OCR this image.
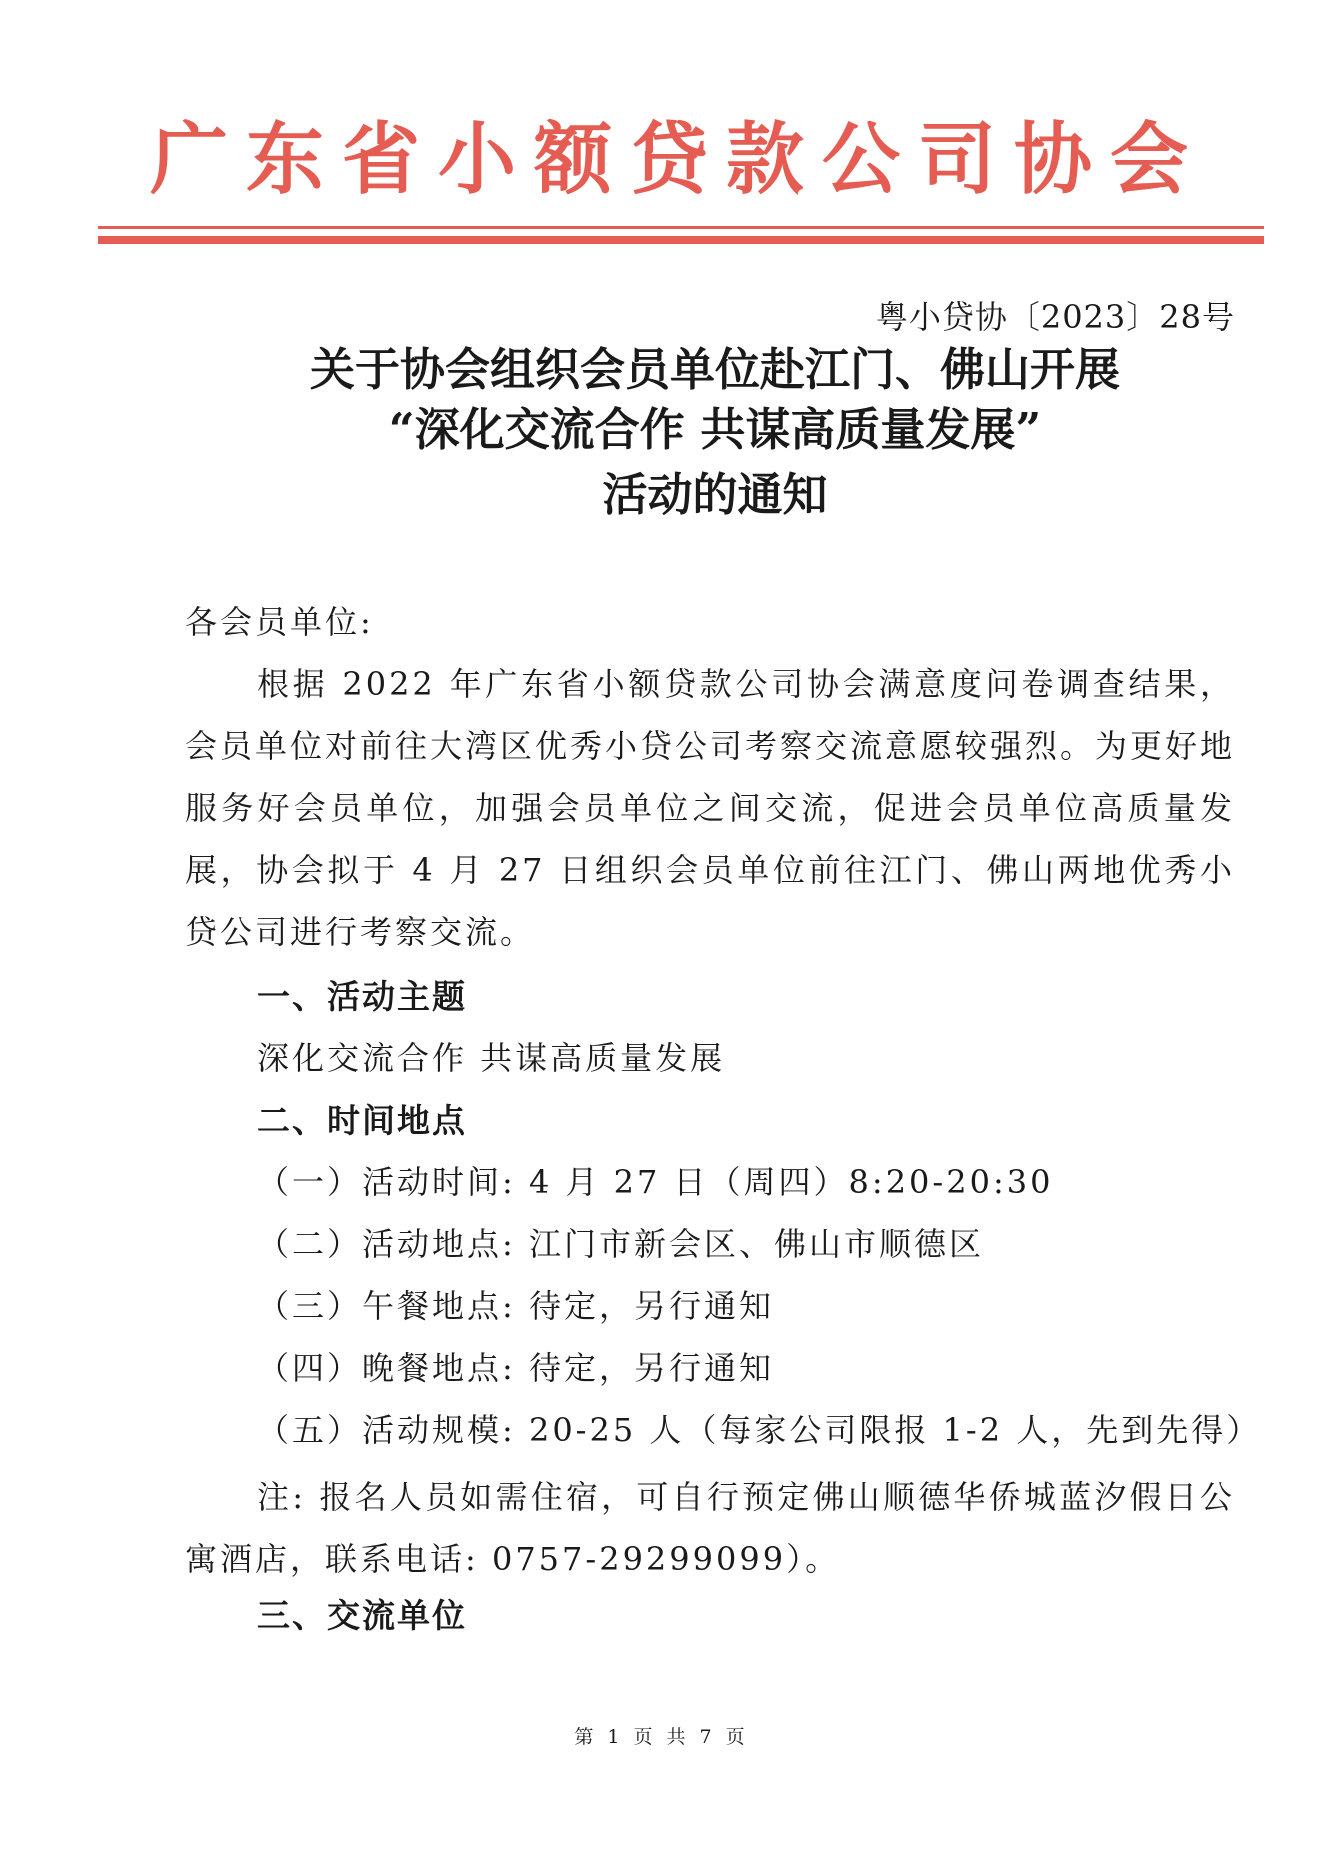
广东省小额贷款公司协会
粤小贷协〔2023〕28号
关于协会组织会员单位赴江门、佛山开展
“深化交流合作 共谋高质量发展”
活动的通知
各会员单位:
根据 2022 年广东省小额贷款公司协会满意度问卷调查结果，会员单位对前往大湾区优秀小贷公司考察交流意愿较强烈。为更好地服务好会员单位，加强会员单位之间交流，促进会员单位高质量发展，协会拟于 4 月 27 日组织会员单位前往江门、佛山两地优秀小贷公司进行考察交流。
一、活动主题
深化交流合作 共谋高质量发展
二、时间地点
（一）活动时间: 4 月 27 日（周四）8:20-20:30
（二）活动地点: 江门市新会区、佛山市顺德区
（三）午餐地点: 待定，另行通知
（四）晚餐地点: 待定，另行通知
（五）活动规模: 20-25 人（每家公司限报 1-2 人，先到先得）
注: 报名人员如需住宿，可自行预定佛山顺德华侨城蓝汐假日公寓酒店，联系电话: 0757-29299099）。
三、交流单位
第 1 页 共 7 页
